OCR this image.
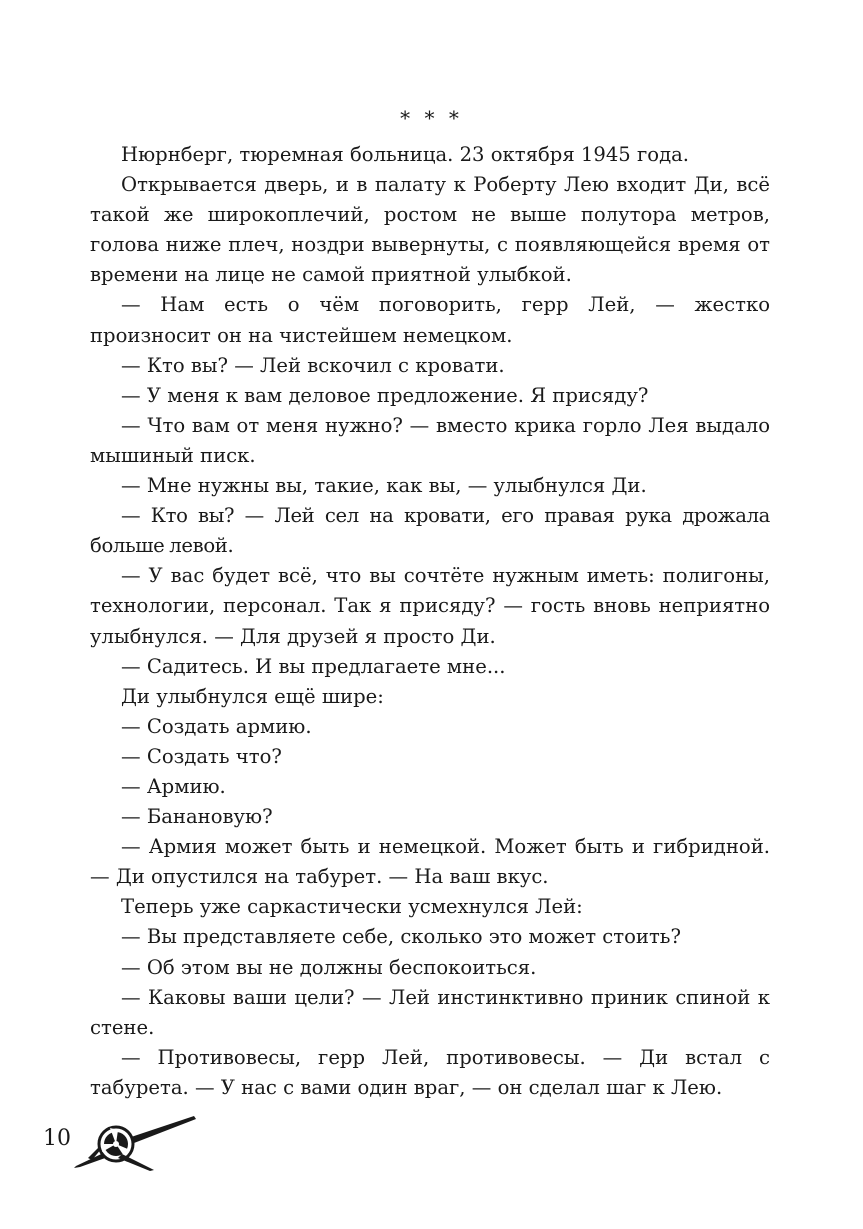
* * *

Нюрнберг, тюремная больница. 23 октября 1945 года.

Открывается дверь, и в палату к Роберту Лею входит Ди, всё такой же широкоплечий, ростом не выше полутора метров, голова ниже плеч, ноздри вывернуты, с появляющейся время от времени на лице не самой приятной улыбкой.

— Нам есть о чём поговорить, герр Лей, — жестко произносит он на чистейшем немецком.

— Кто вы? — Лей вскочил с кровати.

— У меня к вам деловое предложение. Я присяду?

— Что вам от меня нужно? — вместо крика горло Лея выдало мышиный писк.

— Мне нужны вы, такие, как вы, — улыбнулся Ди.

— Кто вы? — Лей сел на кровати, его правая рука дрожала больше левой.

— У вас будет всё, что вы сочтёте нужным иметь: полигоны, технологии, персонал. Так я присяду? — гость вновь неприятно улыбнулся. — Для друзей я просто Ди.

— Садитесь. И вы предлагаете мне...

Ди улыбнулся ещё шире:

— Создать армию.

— Создать что?

— Армию.

— Банановую?

— Армия может быть и немецкой. Может быть и гибридной. — Ди опустился на табурет. — На ваш вкус.

Теперь уже саркастически усмехнулся Лей:

— Вы представляете себе, сколько это может стоить?

— Об этом вы не должны беспокоиться.

— Каковы ваши цели? — Лей инстинктивно приник спиной к стене.

— Противовесы, герр Лей, противовесы. — Ди встал с табурета. — У нас с вами один враг, — он сделал шаг к Лею.

10
